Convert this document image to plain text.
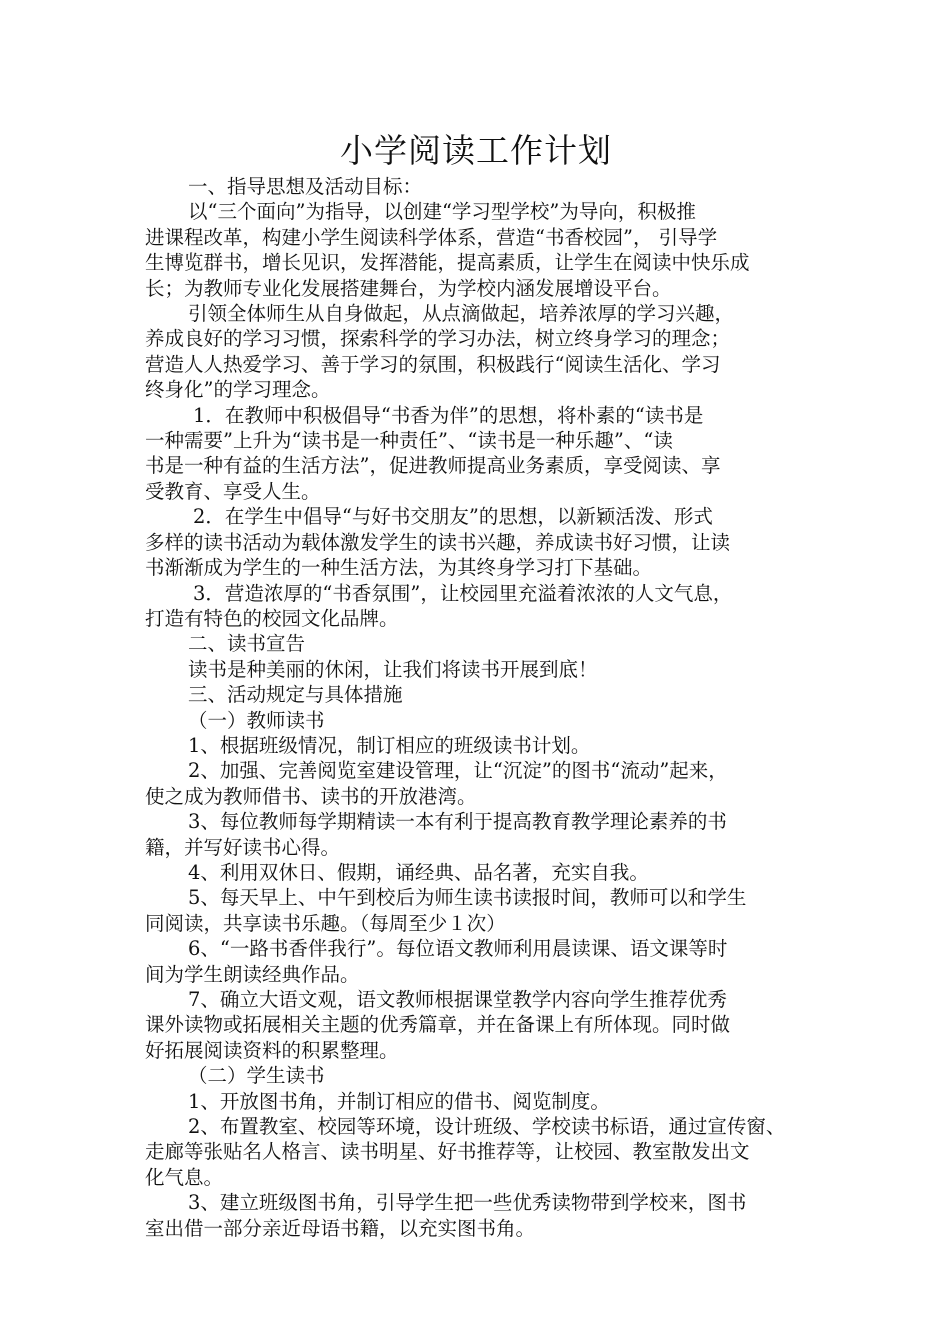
小学阅读工作计划

一、指导思想及活动目标：

以“三个面向”为指导，以创建“学习型学校”为导向，积极推

进课程改革，构建小学生阅读科学体系，营造“书香校园”， 引导学

生博览群书，增长见识，发挥潜能，提高素质，让学生在阅读中快乐成

长；为教师专业化发展搭建舞台，为学校内涵发展增设平台。

引领全体师生从自身做起，从点滴做起，培养浓厚的学习兴趣，

养成良好的学习习惯，探索科学的学习办法，树立终身学习的理念；

营造人人热爱学习、善于学习的氛围，积极践行“阅读生活化、学习

终身化”的学习理念。

1．在教师中积极倡导“书香为伴”的思想，将朴素的“读书是

一种需要”上升为“读书是一种责任”、“读书是一种乐趣”、“读

书是一种有益的生活方法”，促进教师提高业务素质，享受阅读、享

受教育、享受人生。

2．在学生中倡导“与好书交朋友”的思想，以新颖活泼、形式

多样的读书活动为载体激发学生的读书兴趣，养成读书好习惯，让读

书渐渐成为学生的一种生活方法，为其终身学习打下基础。

3．营造浓厚的“书香氛围”，让校园里充溢着浓浓的人文气息，

打造有特色的校园文化品牌。

二、读书宣告

读书是种美丽的休闲，让我们将读书开展到底！

三、活动规定与具体措施

（一）教师读书

1、根据班级情况，制订相应的班级读书计划。

2、加强、完善阅览室建设管理，让“沉淀”的图书“流动”起来，

使之成为教师借书、读书的开放港湾。

3、每位教师每学期精读一本有利于提高教育教学理论素养的书

籍，并写好读书心得。

4、利用双休日、假期，诵经典、品名著，充实自我。

5、每天早上、中午到校后为师生读书读报时间，教师可以和学生

同阅读，共享读书乐趣。（每周至少１次）

6、“一路书香伴我行”。每位语文教师利用晨读课、语文课等时

间为学生朗读经典作品。

7、确立大语文观，语文教师根据课堂教学内容向学生推荐优秀

课外读物或拓展相关主题的优秀篇章，并在备课上有所体现。同时做

好拓展阅读资料的积累整理。

（二）学生读书

1、开放图书角，并制订相应的借书、阅览制度。

2、布置教室、校园等环境，设计班级、学校读书标语，通过宣传窗、

走廊等张贴名人格言、读书明星、好书推荐等，让校园、教室散发出文

化气息。

3、建立班级图书角，引导学生把一些优秀读物带到学校来，图书

室出借一部分亲近母语书籍，以充实图书角。
